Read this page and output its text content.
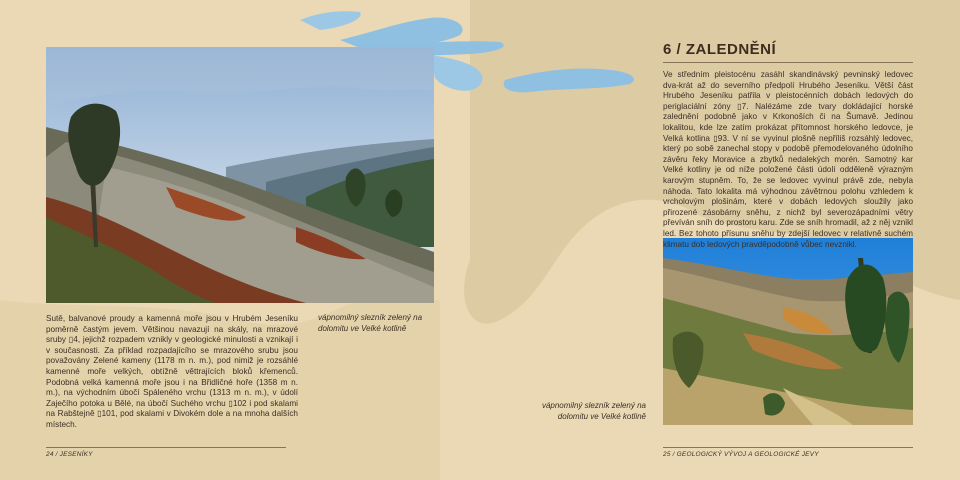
6 / ZALEDNĚNÍ
Ve středním pleistocénu zasáhl skandinávský pevninský ledovec dva-krát až do severního předpolí Hrubého Jeseníku. Větší část Hrubého Jeseníku patřila v pleistocénních dobách ledových do periglaciální zóny ▯7. Nalézáme zde tvary dokládající horské zalednění podobně jako v Krkonoších či na Šumavě. Jedinou lokalitou, kde lze zatím prokázat přítomnost horského ledovce, je Velká kotlina ▯93. V ní se vyvinul plošně nepříliš rozsáhlý ledovec, který po sobě zanechal stopy v podobě přemodelovaného údolního závěru řeky Moravice a zbytků nedalekých morén. Samotný kar Velké kotliny je od níže položené části údolí odděleně výrazným karovým stupněm. To, že se ledovec vyvinul právě zde, nebyla náhoda. Tato lokalita má výhodnou závětrnou polohu vzhledem k vrcholovým plošinám, které v dobách ledových sloužily jako přirozené zásobárny sněhu, z nichž byl severozápadními větry převíván sníh do prostoru karu. Zde se sníh hromadil, až z něj vznikl led. Bez tohoto přísunu sněhu by zdejší ledovec v relativně suchém klimatu dob ledových pravděpodobně vůbec nevznikl.
Sutě, balvanové proudy a kamenná moře jsou v Hrubém Jeseníku poměrně častým jevem. Většinou navazují na skály, na mrazové sruby ▯4, jejichž rozpadem vznikly v geologické minulosti a vznikají i v současnosti. Za příklad rozpadajícího se mrazového srubu jsou považovány Zelené kameny (1178 m n. m.), pod nimiž je rozsáhlé kamenné moře velkých, obtížně věttrajících bloků křemenců. Podobná velká kamenná moře jsou i na Břidličné hoře (1358 m n. m.), na východním úbočí Spáleného vrchu (1313 m n. m.), v údolí Zaječího potoka u Bělé, na úbočí Suchého vrchu ▯102 i pod skalami na Rabštejně ▯101, pod skalami v Divokém dole a na mnoha dalších místech.
vápnomilný slezník zelený na dolomitu ve Velké kotlině
vápnomilný slezník zelený na dolomitu ve Velké kotlině
24 / JESENÍKY	25 / GEOLOGICKÝ VÝVOJ A GEOLOGICKÉ JEVY
